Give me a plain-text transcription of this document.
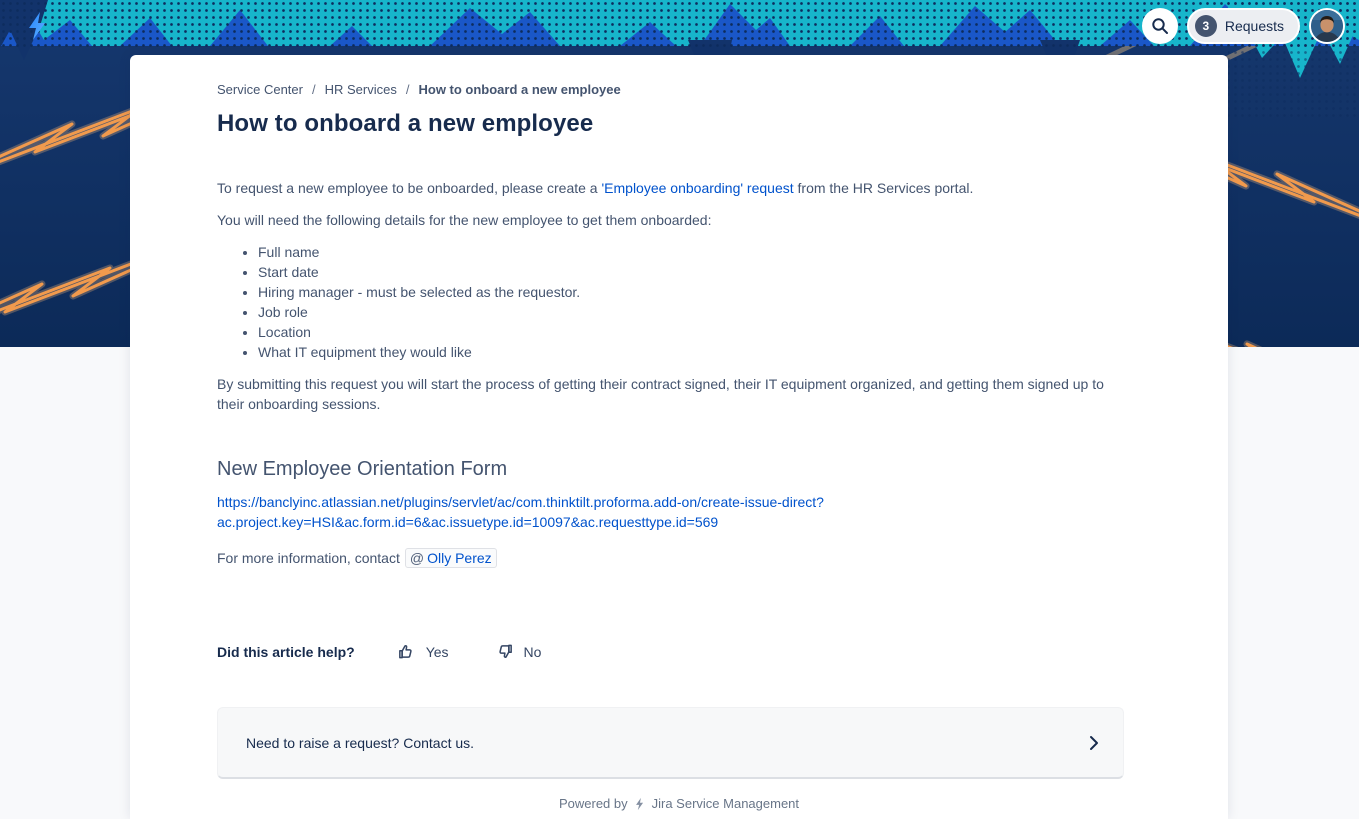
3	Requests
Service Center / HR Services / How to onboard a new employee
How to onboard a new employee

To request a new employee to be onboarded, please create a 'Employee onboarding' request from the HR Services portal.

You will need the following details for the new employee to get them onboarded:

• Full name
• Start date
• Hiring manager - must be selected as the requestor.
• Job role
• Location
• What IT equipment they would like

By submitting this request you will start the process of getting their contract signed, their IT equipment organized, and getting them signed up to their onboarding sessions.

New Employee Orientation Form
https://banclyinc.atlassian.net/plugins/servlet/ac/com.thinktilt.proforma.add-on/create-issue-direct?
ac.project.key=HSI&ac.form.id=6&ac.issuetype.id=10097&ac.requesttype.id=569

For more information, contact @ Olly Perez

Did this article help?	Yes	No
Need to raise a request? Contact us.
Powered by Jira Service Management
